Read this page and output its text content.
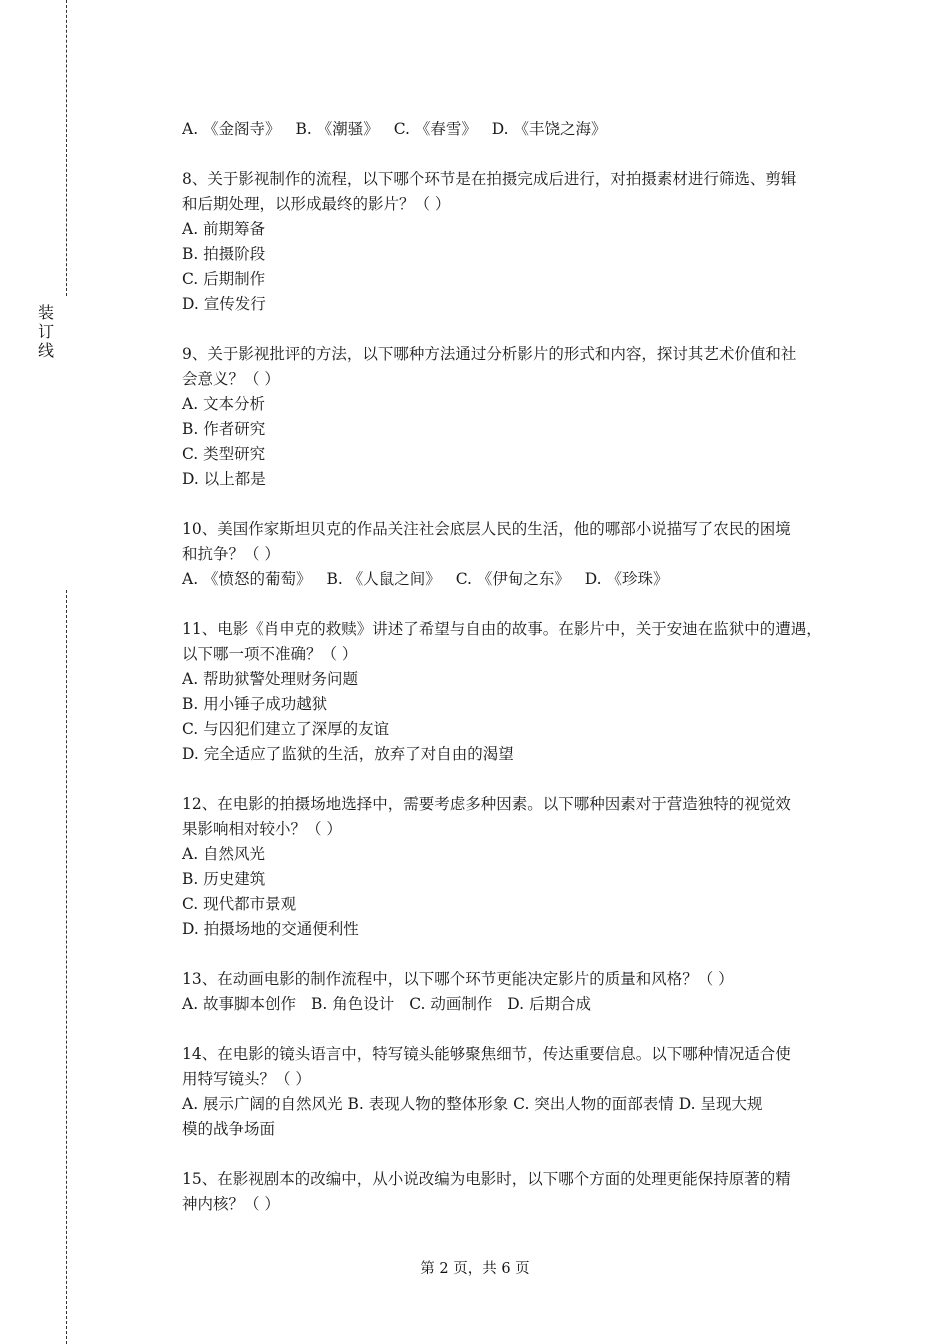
装
订
线
A. 《金阁寺》 B. 《潮骚》 C. 《春雪》 D. 《丰饶之海》
8、关于影视制作的流程，以下哪个环节是在拍摄完成后进行，对拍摄素材进行筛选、剪辑
和后期处理，以形成最终的影片？（ ）
A. 前期筹备
B. 拍摄阶段
C. 后期制作
D. 宣传发行
9、关于影视批评的方法，以下哪种方法通过分析影片的形式和内容，探讨其艺术价值和社
会意义？（ ）
A. 文本分析
B. 作者研究
C. 类型研究
D. 以上都是
10、美国作家斯坦贝克的作品关注社会底层人民的生活，他的哪部小说描写了农民的困境
和抗争？（ ）
A. 《愤怒的葡萄》 B. 《人鼠之间》 C. 《伊甸之东》 D. 《珍珠》
11、电影《肖申克的救赎》讲述了希望与自由的故事。在影片中，关于安迪在监狱中的遭遇，
以下哪一项不准确？（ ）
A. 帮助狱警处理财务问题
B. 用小锤子成功越狱
C. 与囚犯们建立了深厚的友谊
D. 完全适应了监狱的生活，放弃了对自由的渴望
12、在电影的拍摄场地选择中，需要考虑多种因素。以下哪种因素对于营造独特的视觉效
果影响相对较小？（ ）
A. 自然风光
B. 历史建筑
C. 现代都市景观
D. 拍摄场地的交通便利性
13、在动画电影的制作流程中，以下哪个环节更能决定影片的质量和风格？（ ）
A. 故事脚本创作 B. 角色设计 C. 动画制作 D. 后期合成
14、在电影的镜头语言中，特写镜头能够聚焦细节，传达重要信息。以下哪种情况适合使
用特写镜头？（ ）
A. 展示广阔的自然风光 B. 表现人物的整体形象 C. 突出人物的面部表情 D. 呈现大规
模的战争场面
15、在影视剧本的改编中，从小说改编为电影时，以下哪个方面的处理更能保持原著的精
神内核？（ ）
第 2 页，共 6 页
